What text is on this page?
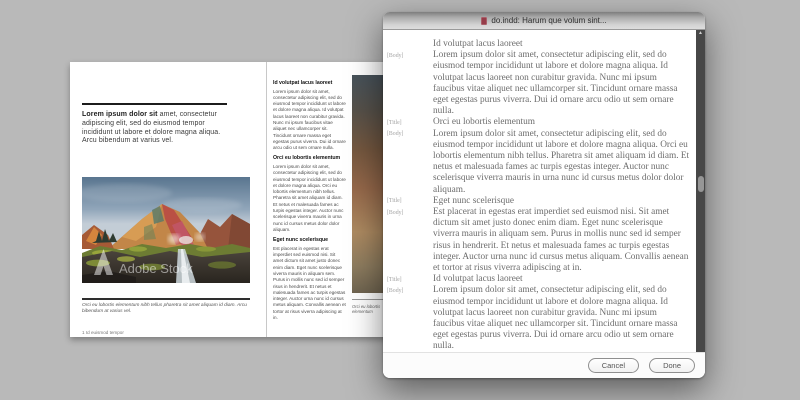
Lorem ipsum dolor sit amet, consectetur adipiscing elit, sed do eiusmod tempor incididunt ut labore et dolore magna aliqua. Arcu bibendum at varius vel.
Adobe Stock
Orci eu lobortis elementum nibh tellus pharetra sit amet aliquam id diam. Arcu bibendum at varius vel.
1 Id euismod tempor
Id volutpat lacus laoreet
Lorem ipsum dolor sit amet, consectetur adipiscing elit, sed do eiusmod tempor incididunt ut labore et dolore magna aliqua. Id volutpat lacus laoreet non curabitur gravida. Nunc mi ipsum faucibus vitae aliquet nec ullamcorper sit. Tincidunt ornare massa eget egestas purus viverra. Dui id ornare arcu odio ut sem ornare nulla.
Orci eu lobortis elementum
Lorem ipsum dolor sit amet, consectetur adipiscing elit, sed do eiusmod tempor incididunt ut labore et dolore magna aliqua. Orci eu lobortis elementum nibh tellus. Pharetra sit amet aliquam id diam. Et netus et malesuada fames ac turpis egestas integer. Auctor nunc scelerisque viverra mauris in urna nunc id cursus metus dolor dolor aliquam.
Eget nunc scelerisque
Est placerat in egestas erat imperdiet sed euismod nisi. Sit amet dictum sit amet justo donec enim diam. Eget nunc scelerisque viverra mauris in aliquam sem. Purus in mollis nunc sed id semper risus in hendrerit. Et netus et malesuada fames ac turpis egestas integer. Auctor urna nunc id cursus metus aliquam. Convallis aenean et tortor at risus viverra adipiscing at in.
Orci eu lobortis elementum
do.indd: Harum que volum sint...
Id volutpat lacus laoreet
[Body]	Lorem ipsum dolor sit amet, consectetur adipiscing elit, sed do eiusmod tempor incididunt ut labore et dolore magna aliqua. Id volutpat lacus laoreet non curabitur gravida. Nunc mi ipsum faucibus vitae aliquet nec ullamcorper sit. Tincidunt ornare massa eget egestas purus viverra. Dui id ornare arcu odio ut sem ornare nulla.
[Title]	Orci eu lobortis elementum
[Body]	Lorem ipsum dolor sit amet, consectetur adipiscing elit, sed do eiusmod tempor incididunt ut labore et dolore magna aliqua. Orci eu lobortis elementum nibh tellus. Pharetra sit amet aliquam id diam. Et netus et malesuada fames ac turpis egestas integer. Auctor nunc scelerisque viverra mauris in urna nunc id cursus metus dolor dolor aliquam.
[Title]	Eget nunc scelerisque
[Body]	Est placerat in egestas erat imperdiet sed euismod nisi. Sit amet dictum sit amet justo donec enim diam. Eget nunc scelerisque viverra mauris in aliquam sem. Purus in mollis nunc sed id semper risus in hendrerit. Et netus et malesuada fames ac turpis egestas integer. Auctor urna nunc id cursus metus aliquam. Convallis aenean et tortor at risus viverra adipiscing at in.
[Title]	Id volutpat lacus laoreet
[Body]	Lorem ipsum dolor sit amet, consectetur adipiscing elit, sed do eiusmod tempor incididunt ut labore et dolore magna aliqua. Id volutpat lacus laoreet non curabitur gravida. Nunc mi ipsum faucibus vitae aliquet nec ullamcorper sit. Tincidunt ornare massa eget egestas purus viverra. Dui id ornare arcu odio ut sem ornare nulla.
▲
Cancel	Done
